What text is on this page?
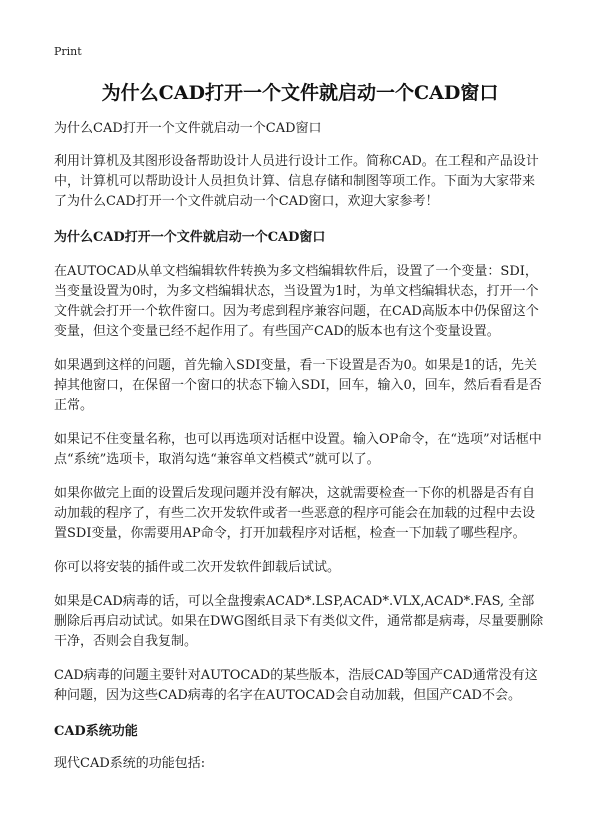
Print

为什么CAD打开一个文件就启动一个CAD窗口

为什么CAD打开一个文件就启动一个CAD窗口

利用计算机及其图形设备帮助设计人员进行设计工作。简称CAD。在工程和产品设计中，计算机可以帮助设计人员担负计算、信息存储和制图等项工作。下面为大家带来了为什么CAD打开一个文件就启动一个CAD窗口，欢迎大家参考！

为什么CAD打开一个文件就启动一个CAD窗口

在AUTOCAD从单文档编辑软件转换为多文档编辑软件后，设置了一个变量：SDI，当变量设置为0时，为多文档编辑状态，当设置为1时，为单文档编辑状态，打开一个文件就会打开一个软件窗口。因为考虑到程序兼容问题，在CAD高版本中仍保留这个变量，但这个变量已经不起作用了。有些国产CAD的版本也有这个变量设置。

如果遇到这样的问题，首先输入SDI变量，看一下设置是否为0。如果是1的话，先关掉其他窗口，在保留一个窗口的状态下输入SDI，回车，输入0，回车，然后看看是否正常。

如果记不住变量名称，也可以再选项对话框中设置。输入OP命令，在“选项”对话框中点“系统”选项卡，取消勾选“兼容单文档模式”就可以了。

如果你做完上面的设置后发现问题并没有解决，这就需要检查一下你的机器是否有自动加载的程序了，有些二次开发软件或者一些恶意的程序可能会在加载的过程中去设置SDI变量，你需要用AP命令，打开加载程序对话框，检查一下加载了哪些程序。

你可以将安装的插件或二次开发软件卸载后试试。

如果是CAD病毒的话，可以全盘搜索ACAD*.LSP,ACAD*.VLX,ACAD*.FAS, 全部删除后再启动试试。如果在DWG图纸目录下有类似文件，通常都是病毒，尽量要删除干净，否则会自我复制。

CAD病毒的问题主要针对AUTOCAD的某些版本，浩辰CAD等国产CAD通常没有这种问题，因为这些CAD病毒的名字在AUTOCAD会自动加载，但国产CAD不会。

CAD系统功能

现代CAD系统的功能包括:
